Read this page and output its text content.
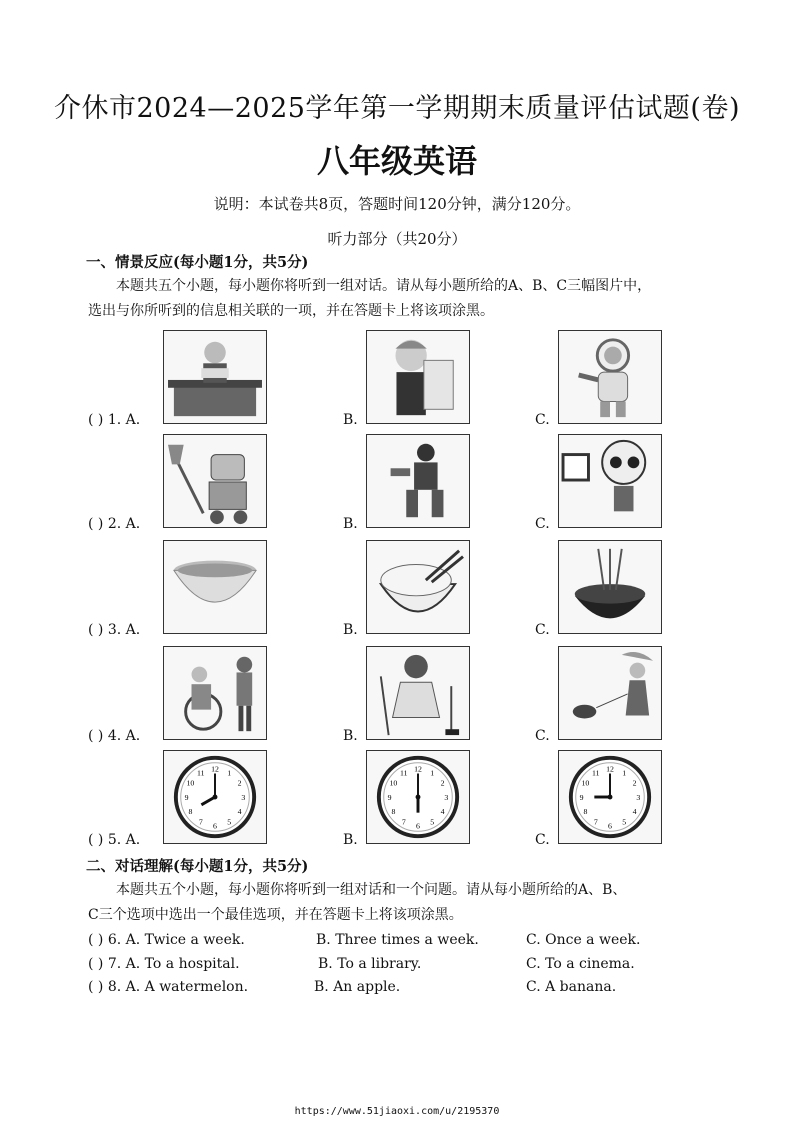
介休市2024—2025学年第一学期期末质量评估试题(卷)
八年级英语
说明：本试卷共8页，答题时间120分钟，满分120分。
听力部分（共20分）
一、情景反应(每小题1分，共5分)
本题共五个小题，每小题你将听到一组对话。请从每小题所给的A、B、C三幅图片中，
选出与你所听到的信息相关联的一项，并在答题卡上将该项涂黑。
( ) 1. A.	B.	C.
( ) 2. A.	B.	C.
( ) 3. A.	B.	C.
( ) 4. A.	B.	C.
12 1
2
3
4
5
6
7
8
9
10
11	12 1
2
3
4
5
6
7
8
9
10
11	12 1
2
3
4
5
6
7
8
9
10
11
( ) 5. A.	B.	C.
二、对话理解(每小题1分，共5分)
本题共五个小题，每小题你将听到一组对话和一个问题。请从每小题所给的A、B、
C三个选项中选出一个最佳选项，并在答题卡上将该项涂黑。
( ) 6. A. Twice a week.	B. Three times a week.	C. Once a week.
( ) 7. A. To a hospital.	B. To a library.	C. To a cinema.
( ) 8. A. A watermelon.	B. An apple.	C. A banana.
https://www.51jiaoxi.com/u/2195370
